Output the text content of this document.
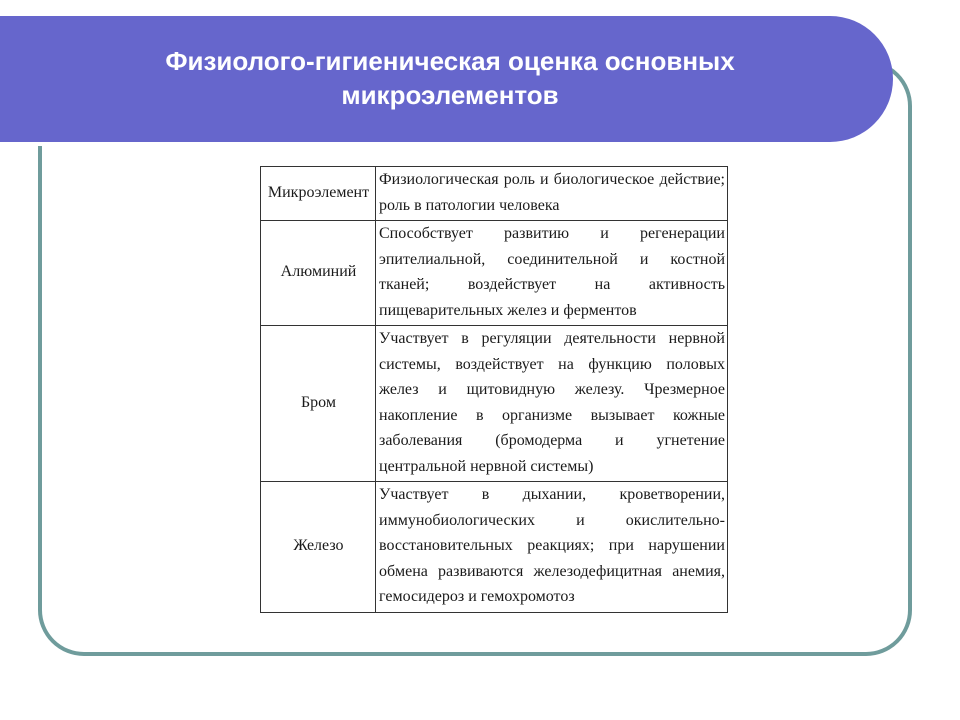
Физиолого-гигиеническая оценка основных
микроэлементов
Микроэлемент	Физиологическая роль и биологическое действие; роль в патологии человека
Алюминий	Способствует развитию и регенерации эпителиальной, соединительной и костной тканей; воздействует на активность пищеварительных желез и ферментов
Бром	Участвует в регуляции деятельности нервной системы, воздействует на функцию половых желез и щитовидную железу. Чрезмерное накопление в организме вызывает кожные заболевания (бромодерма и угнетение центральной нервной системы)
Железо	Участвует в дыхании, кроветворении, иммунобиологических и окислительно-восстановительных реакциях; при нарушении обмена развиваются железодефицитная анемия, гемосидероз и гемохромотоз
